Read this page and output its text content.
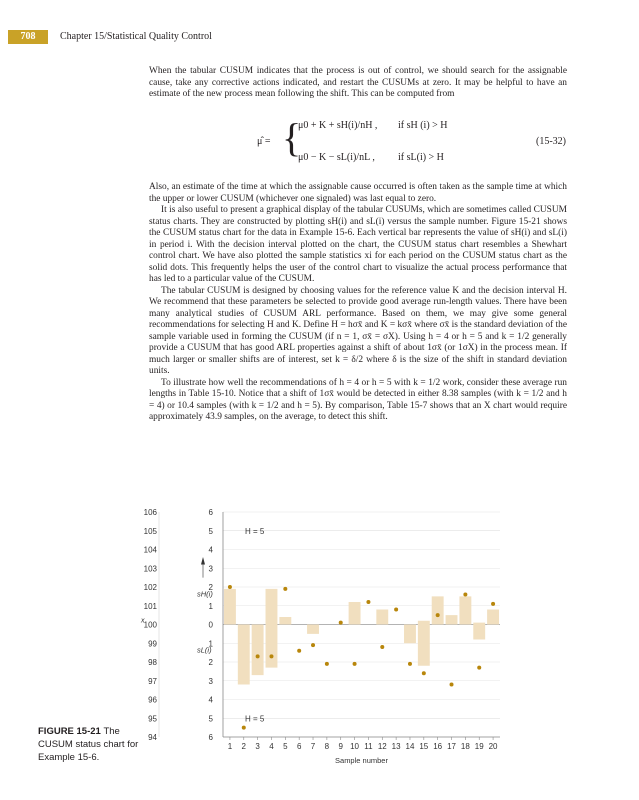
708	Chapter 15/Statistical Quality Control

When the tabular CUSUM indicates that the process is out of control, we should search for the assignable cause, take any corrective actions indicated, and restart the CUSUMs at zero. It may be helpful to have an estimate of the new process mean following the shift. This can be computed from

μ̂ = {
μ0 + K + sH(i)/nH , if sH (i) > H
μ0 − K − sL(i)/nL , if sL(i) > H
(15-32)

Also, an estimate of the time at which the assignable cause occurred is often taken as the sample time at which the upper or lower CUSUM (whichever one signaled) was last equal to zero.

It is also useful to present a graphical display of the tabular CUSUMs, which are sometimes called CUSUM status charts. They are constructed by plotting sH(i) and sL(i) versus the sample number. Figure 15-21 shows the CUSUM status chart for the data in Example 15-6. Each vertical bar represents the value of sH(i) and sL(i) in period i. With the decision interval plotted on the chart, the CUSUM status chart resembles a Shewhart control chart. We have also plotted the sample statistics xi for each period on the CUSUM status chart as the solid dots. This frequently helps the user of the control chart to visualize the actual process performance that has led to a particular value of the CUSUM.

The tabular CUSUM is designed by choosing values for the reference value K and the decision interval H. We recommend that these parameters be selected to provide good average run-length values. There have been many analytical studies of CUSUM ARL performance. Based on them, we may give some general recommendations for selecting H and K. Define H = hσx̄ and K = kσx̄ where σx̄ is the standard deviation of the sample variable used in forming the CUSUM (if n = 1, σx̄ = σX). Using h = 4 or h = 5 and k = 1/2 generally provide a CUSUM that has good ARL properties against a shift of about 1σx̄ (or 1σX) in the process mean. If much larger or smaller shifts are of interest, set k = δ/2 where δ is the size of the shift in standard deviation units.

To illustrate how well the recommendations of h = 4 or h = 5 with k = 1/2 work, consider these average run lengths in Table 15-10. Notice that a shift of 1σx̄ would be detected in either 8.38 samples (with k = 1/2 and h = 4) or 10.4 samples (with k = 1/2 and h = 5). By comparison, Table 15-7 shows that an X chart would require approximately 43.9 samples, on the average, to detect this shift.

H = 5
H = 5
106
105
104
103
102
101
100
99
98
97
96
95
94
6
5
4
3
2
1
0
1
2
3
4
5
6
x
sH(i)
sL(i)
1 2 3 4 5 6 7 8 9 10 11 12 13 14 15 16 17 18 19 20
Sample number
FIGURE 15-21 The CUSUM status chart for Example 15-6.
